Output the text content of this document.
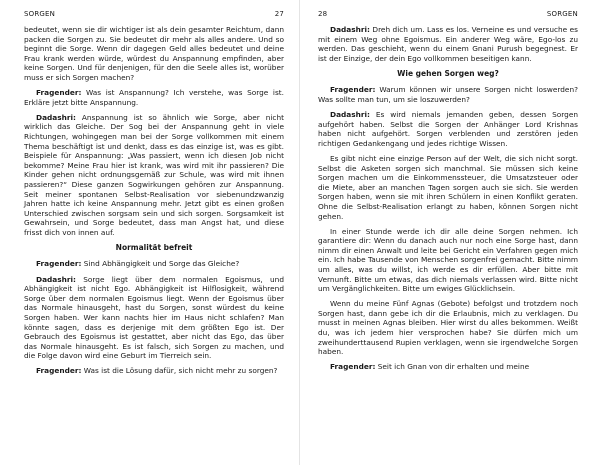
SORGEN	27

bedeutet, wenn sie dir wichtiger ist als dein gesamter Reichtum, dann packen die Sorgen zu. Sie bedeutet dir mehr als alles andere. Und so beginnt die Sorge. Wenn dir dagegen Geld alles bedeutet und deine Frau krank werden würde, würdest du Anspannung empfinden, aber keine Sorgen. Und für denjenigen, für den die Seele alles ist, worüber muss er sich Sorgen machen?

Fragender: Was ist Anspannung? Ich verstehe, was Sorge ist. Erkläre jetzt bitte Anspannung.

Dadashri: Anspannung ist so ähnlich wie Sorge, aber nicht wirklich das Gleiche. Der Sog bei der Anspannung geht in viele Richtungen, wohingegen man bei der Sorge vollkommen mit einem Thema beschäftigt ist und denkt, dass es das einzige ist, was es gibt. Beispiele für Anspannung: „Was passiert, wenn ich diesen Job nicht bekomme? Meine Frau hier ist krank, was wird mit ihr passieren? Die Kinder gehen nicht ordnungsgemäß zur Schule, was wird mit ihnen passieren?“ Diese ganzen Sogwirkungen gehören zur Anspannung. Seit meiner spontanen Selbst-Realisation vor siebenundzwanzig Jahren hatte ich keine Anspannung mehr. Jetzt gibt es einen großen Unterschied zwischen sorgsam sein und sich sorgen. Sorgsamkeit ist Gewahrsein, und Sorge bedeutet, dass man Angst hat, und diese frisst dich von innen auf.

Normalität befreit

Fragender: Sind Abhängigkeit und Sorge das Gleiche?

Dadashri: Sorge liegt über dem normalen Egoismus, und Abhängigkeit ist nicht Ego. Abhängigkeit ist Hilflosigkeit, während Sorge über dem normalen Egoismus liegt. Wenn der Egoismus über das Normale hinausgeht, hast du Sorgen, sonst würdest du keine Sorgen haben. Wer kann nachts hier im Haus nicht schlafen? Man könnte sagen, dass es derjenige mit dem größten Ego ist. Der Gebrauch des Egoismus ist gestattet, aber nicht das Ego, das über das Normale hinausgeht. Es ist falsch, sich Sorgen zu machen, und die Folge davon wird eine Geburt im Tierreich sein.

Fragender: Was ist die Lösung dafür, sich nicht mehr zu sorgen?

28	SORGEN

Dadashri: Dreh dich um. Lass es los. Verneine es und versuche es mit einem Weg ohne Egoismus. Ein anderer Weg wäre, Ego-los zu werden. Das geschieht, wenn du einem Gnani Purush begegnest. Er ist der Einzige, der dein Ego vollkommen beseitigen kann.

Wie gehen Sorgen weg?

Fragender: Warum können wir unsere Sorgen nicht loswerden? Was sollte man tun, um sie loszuwerden?

Dadashri: Es wird niemals jemanden geben, dessen Sorgen aufgehört haben. Selbst die Sorgen der Anhänger Lord Krishnas haben nicht aufgehört. Sorgen verblenden und zerstören jeden richtigen Gedankengang und jedes richtige Wissen.

Es gibt nicht eine einzige Person auf der Welt, die sich nicht sorgt. Selbst die Asketen sorgen sich manchmal. Sie müssen sich keine Sorgen machen um die Einkommenssteuer, die Umsatzsteuer oder die Miete, aber an manchen Tagen sorgen auch sie sich. Sie werden Sorgen haben, wenn sie mit ihren Schülern in einen Konflikt geraten. Ohne die Selbst-Realisation erlangt zu haben, können Sorgen nicht gehen.

In einer Stunde werde ich dir alle deine Sorgen nehmen. Ich garantiere dir: Wenn du danach auch nur noch eine Sorge hast, dann nimm dir einen Anwalt und leite bei Gericht ein Verfahren gegen mich ein. Ich habe Tausende von Menschen sorgenfrei gemacht. Bitte nimm um alles, was du willst, ich werde es dir erfüllen. Aber bitte mit Vernunft. Bitte um etwas, das dich niemals verlassen wird. Bitte nicht um Vergänglichkeiten. Bitte um ewiges Glücklichsein.

Wenn du meine Fünf Agnas (Gebote) befolgst und trotzdem noch Sorgen hast, dann gebe ich dir die Erlaubnis, mich zu verklagen. Du musst in meinen Agnas bleiben. Hier wirst du alles bekommen. Weißt du, was ich jedem hier versprochen habe? Sie dürfen mich um zweihunderttausend Rupien verklagen, wenn sie irgendwelche Sorgen haben.

Fragender: Seit ich Gnan von dir erhalten und meine
